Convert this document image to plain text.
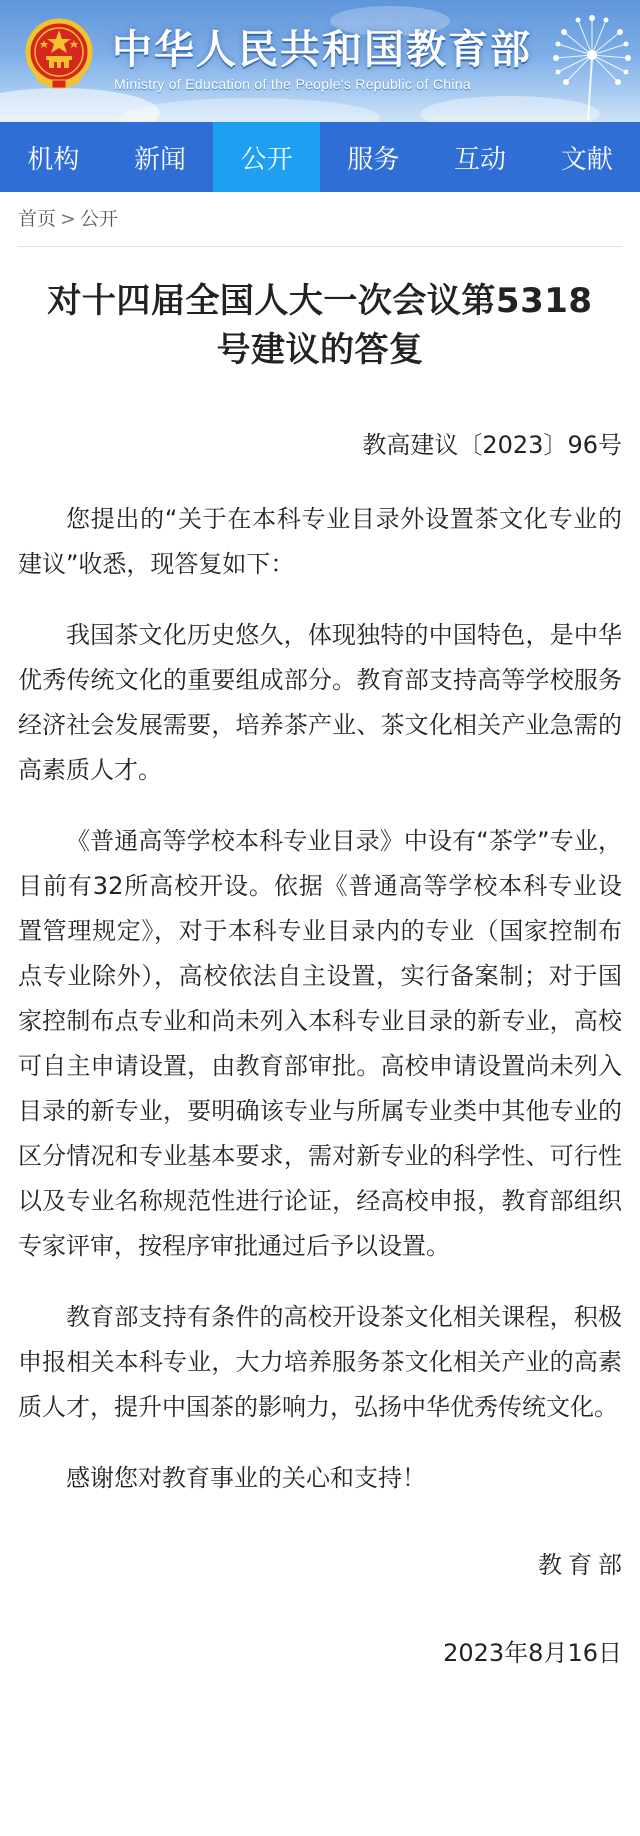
中华人民共和国教育部
Ministry of Education of the People's Republic of China
机构	新闻	公开	服务	互动	文献
首页 > 公开
对十四届全国人大一次会议第5318
号建议的答复
教高建议〔2023〕96号

您提出的“关于在本科专业目录外设置茶文化专业的建议”收悉，现答复如下：

我国茶文化历史悠久，体现独特的中国特色，是中华优秀传统文化的重要组成部分。教育部支持高等学校服务经济社会发展需要，培养茶产业、茶文化相关产业急需的高素质人才。

《普通高等学校本科专业目录》中设有“茶学”专业，目前有32所高校开设。依据《普通高等学校本科专业设置管理规定》，对于本科专业目录内的专业（国家控制布点专业除外），高校依法自主设置，实行备案制；对于国家控制布点专业和尚未列入本科专业目录的新专业，高校可自主申请设置，由教育部审批。高校申请设置尚未列入目录的新专业，要明确该专业与所属专业类中其他专业的区分情况和专业基本要求，需对新专业的科学性、可行性以及专业名称规范性进行论证，经高校申报，教育部组织专家评审，按程序审批通过后予以设置。

教育部支持有条件的高校开设茶文化相关课程，积极申报相关本科专业，大力培养服务茶文化相关产业的高素质人才，提升中国茶的影响力，弘扬中华优秀传统文化。

感谢您对教育事业的关心和支持！

教育部
2023年8月16日
